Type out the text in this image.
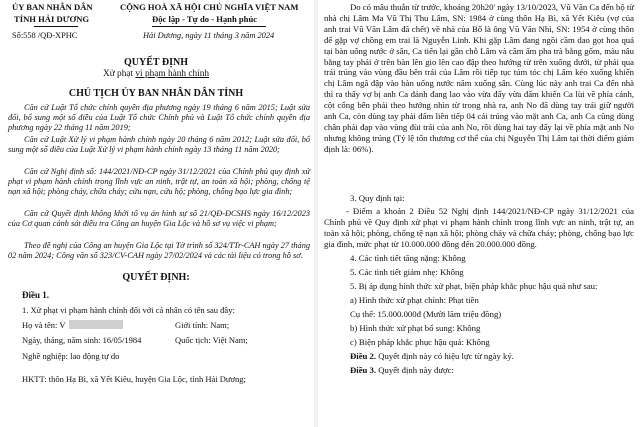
ỦY BAN NHÂN DÂN
TỈNH HẢI DƯƠNG
Số:558 /QĐ-XPHC
CỘNG HOÀ XÃ HỘI CHỦ NGHĨA VIỆT NAM
Độc lập - Tự do - Hạnh phúc
Hải Dương, ngày 11 tháng 3 năm 2024
QUYẾT ĐỊNH
Xử phạt vi phạm hành chính
CHỦ TỊCH ỦY BAN NHÂN DÂN TỈNH
Căn cứ Luật Tổ chức chính quyền địa phương ngày 19 tháng 6 năm 2015; Luật sửa đổi, bổ sung một số điều của Luật Tổ chức Chính phủ và Luật Tổ chức chính quyền địa phương ngày 22 tháng 11 năm 2019;
Căn cứ Luật Xử lý vi phạm hành chính ngày 20 tháng 6 năm 2012; Luật sửa đổi, bổ sung một số điều của Luật Xử lý vi phạm hành chính ngày 13 tháng 11 năm 2020;
Căn cứ Nghị định số: 144/2021/NĐ-CP ngày 31/12/2021 của Chính phủ quy định xử phạt vi phạm hành chính trong lĩnh vực an ninh, trật tự, an toàn xã hội; phòng, chống tệ nạn xã hội; phòng cháy, chữa cháy; cứu nạn, cứu hộ; phòng, chống bạo lực gia đình;
Căn cứ Quyết định không khởi tố vụ án hình sự số 21/QĐ-ĐCSHS ngày 16/12/2023 của Cơ quan cảnh sát điều tra Công an huyện Gia Lộc và hồ sơ vụ việc vi phạm;
Theo đề nghị của Công an huyện Gia Lộc tại Tờ trình số 324/TTr-CAH ngày 27 tháng 02 năm 2024; Công văn số 323/CV-CAH ngày 27/02/2024 và các tài liệu có trong hồ sơ.
QUYẾT ĐỊNH:
Điều 1.
1. Xử phạt vi phạm hành chính đối với cá nhân có tên sau đây:
Họ và tên: V	Giới tính: Nam;
Ngày, tháng, năm sinh: 16/05/1984	Quốc tịch: Việt Nam;
Nghề nghiệp: lao động tự do
HKTT: thôn Hạ Bì, xã Yết Kiêu, huyện Gia Lộc, tỉnh Hải Dương;
Do có mâu thuẫn từ trước, khoảng 20h20' ngày 13/10/2023, Vũ Văn Ca đến bộ từ nhà chị Lâm Ma Vũ Thị Thu Lâm, SN: 1984 ở cùng thôn Hạ Bì, xã Yết Kiêu (vợ của anh trai Vũ Văn Lâm đã chết) về nhà của Bố là ông Vũ Văn Nhì, SN: 1954 ở cùng thôn để gặp vợ chồng em trai là Nguyễn Linh. Khi gặp Lâm đang ngồi cầm dao gọt hoa quả tại bàn uống nước ở sân, Ca tiến lại gần chỗ Lâm và cầm ấm pha trà bằng gốm, màu nâu bằng tay phải ở trên bàn lên gio lên cao đập theo hướng từ trên xuống dưới, từ phải qua trái trúng vào vùng đầu bên trái của Lâm rồi tiếp tục túm tóc chị Lâm kéo xuống khiến chị Lâm ngã đập vào bàn uống nước năm xuống sân. Cùng lúc này anh trai Ca đến nhà thì ra thấy vợ bị anh Ca đánh đang lao vào vừa đẩy vừa đấm khiến Ca lùi về phía cánh, cột cổng bên phải theo hướng nhìn từ trong nhà ra, anh No đã dùng tay trái giữ người anh Ca, còn dùng tay phải đấm liên tiếp 04 cái trúng vào mặt anh Ca, anh Ca cũng dùng chân phải đạp vào vùng đùi trái của anh No, rồi dùng hai tay đẩy lại về phía mặt anh No nhưng không trúng (Tỷ lệ tổn thương cơ thể của chị Nguyễn Thị Lâm tại thời điểm giám định là: 06%).
3. Quy định tại:
- Điểm a khoản 2 Điều 52 Nghị định 144/2021/NĐ-CP ngày 31/12/2021 của Chính phủ về Quy định xử phạt vi phạm hành chính trong lĩnh vực an ninh, trật tự, an toàn xã hội; phòng, chống tệ nạn xã hội; phòng cháy và chữa cháy; phòng, chống bạo lực gia đình, mức phạt từ 10.000.000 đồng đến 20.000.000 đồng.
4. Các tình tiết tăng nặng: Không
5. Các tình tiết giảm nhẹ: Không
5. Bị áp dụng hình thức xử phạt, biện pháp khắc phục hậu quả như sau:
a) Hình thức xử phạt chính: Phạt tiền
Cụ thể: 15.000.000đ (Mười lăm triệu đồng)
b) Hình thức xử phạt bổ sung: Không
c) Biện pháp khắc phục hậu quả: Không
Điều 2. Quyết định này có hiệu lực từ ngày ký.
Điều 3. Quyết định này được:
